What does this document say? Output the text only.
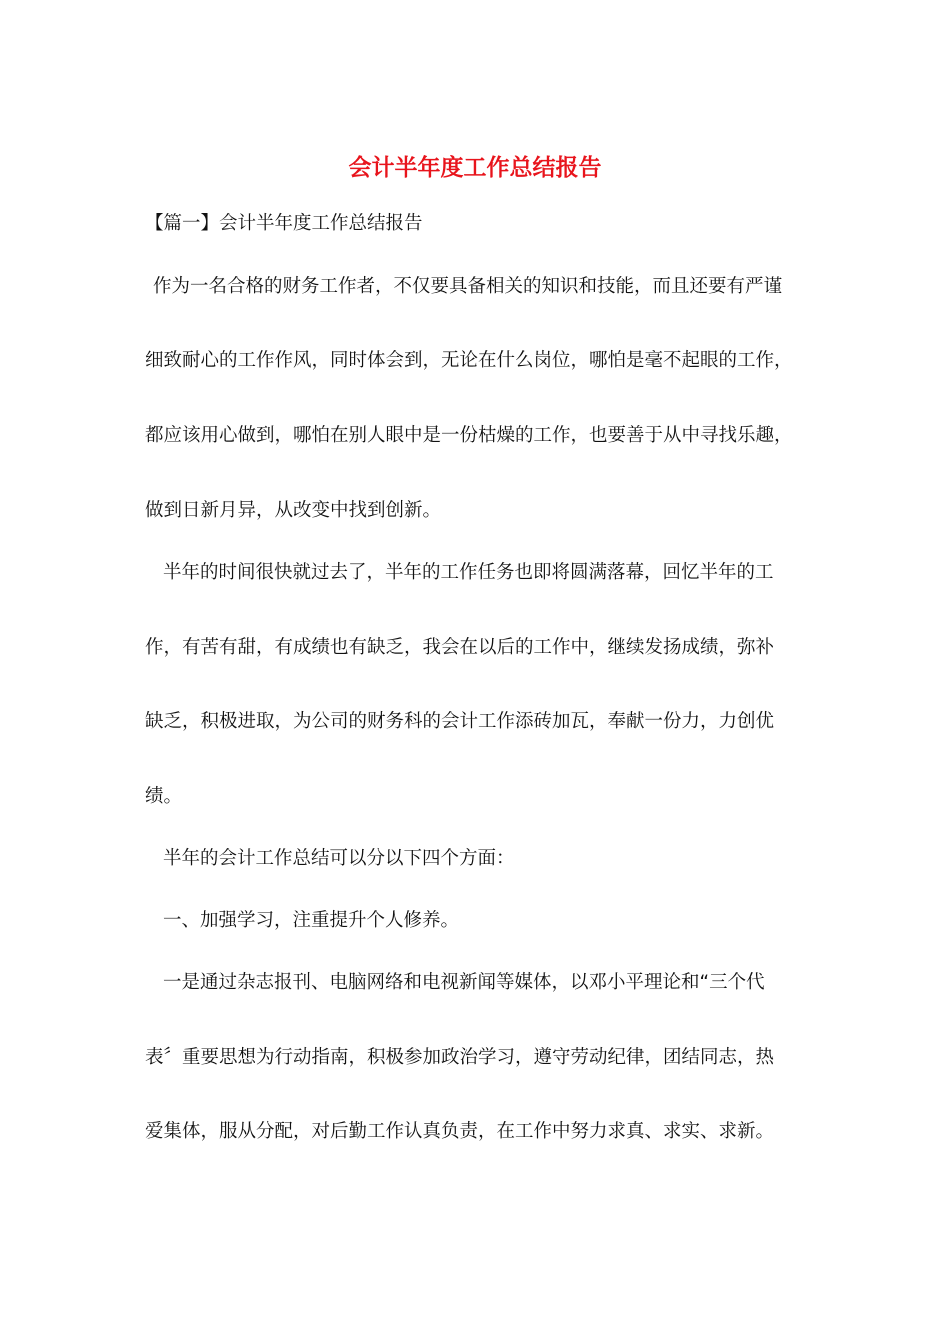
会计半年度工作总结报告

【篇一】会计半年度工作总结报告

作为一名合格的财务工作者，不仅要具备相关的知识和技能，而且还要有严谨

细致耐心的工作作风，同时体会到，无论在什么岗位，哪怕是毫不起眼的工作，

都应该用心做到，哪怕在别人眼中是一份枯燥的工作，也要善于从中寻找乐趣，

做到日新月异，从改变中找到创新。

半年的时间很快就过去了，半年的工作任务也即将圆满落幕，回忆半年的工

作，有苦有甜，有成绩也有缺乏，我会在以后的工作中，继续发扬成绩，弥补

缺乏，积极进取，为公司的财务科的会计工作添砖加瓦，奉献一份力，力创优

绩。

半年的会计工作总结可以分以下四个方面：

一、加强学习，注重提升个人修养。

一是通过杂志报刊、电脑网络和电视新闻等媒体，以邓小平理论和“三个代

表〞重要思想为行动指南，积极参加政治学习，遵守劳动纪律，团结同志，热

爱集体，服从分配，对后勤工作认真负责，在工作中努力求真、求实、求新。
